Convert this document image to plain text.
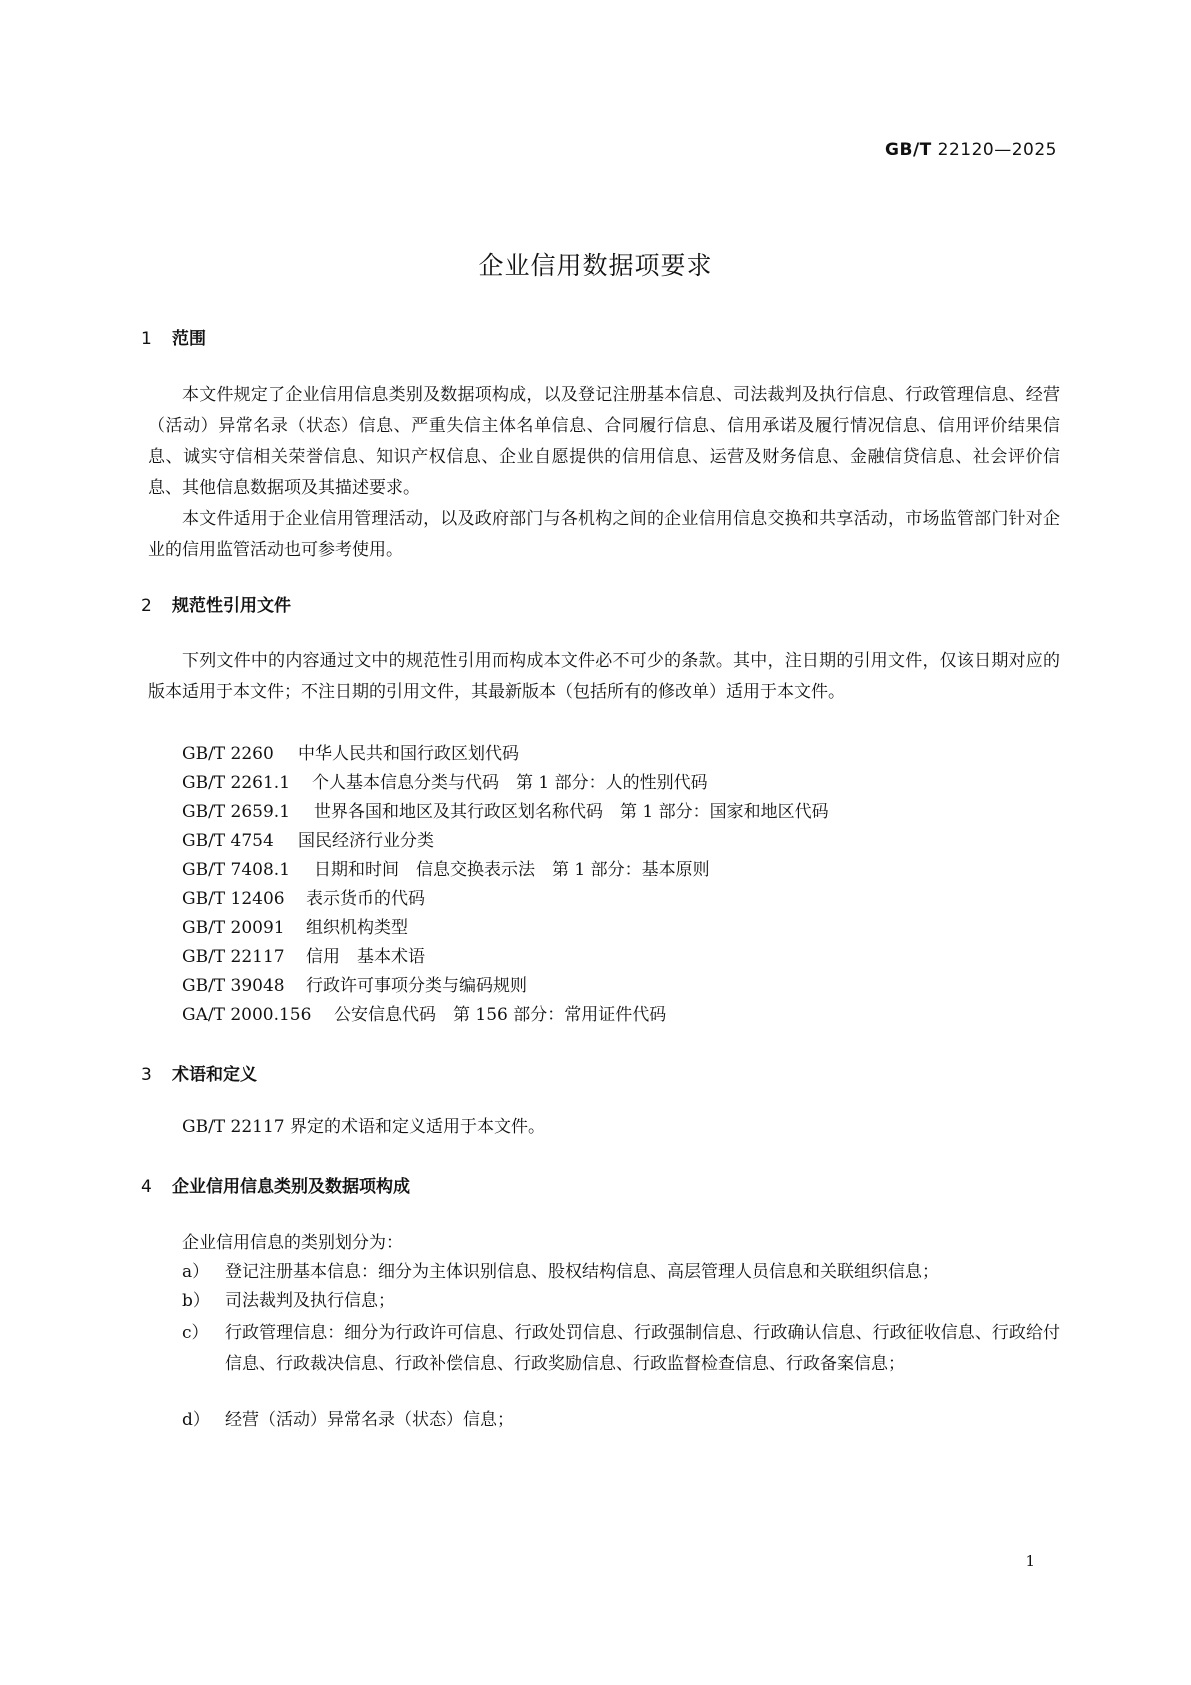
GB/T 22120—2025
企业信用数据项要求
1 范围
本文件规定了企业信用信息类别及数据项构成，以及登记注册基本信息、司法裁判及执行信息、行政管理信息、经营（活动）异常名录（状态）信息、严重失信主体名单信息、合同履行信息、信用承诺及履行情况信息、信用评价结果信息、诚实守信相关荣誉信息、知识产权信息、企业自愿提供的信用信息、运营及财务信息、金融信贷信息、社会评价信息、其他信息数据项及其描述要求。
本文件适用于企业信用管理活动，以及政府部门与各机构之间的企业信用信息交换和共享活动，市场监管部门针对企业的信用监管活动也可参考使用。
2 规范性引用文件
下列文件中的内容通过文中的规范性引用而构成本文件必不可少的条款。其中，注日期的引用文件，仅该日期对应的版本适用于本文件；不注日期的引用文件，其最新版本（包括所有的修改单）适用于本文件。
GB/T 2260 中华人民共和国行政区划代码
GB/T 2261.1 个人基本信息分类与代码　第 1 部分：人的性别代码
GB/T 2659.1 世界各国和地区及其行政区划名称代码　第 1 部分：国家和地区代码
GB/T 4754 国民经济行业分类
GB/T 7408.1 日期和时间　信息交换表示法　第 1 部分：基本原则
GB/T 12406 表示货币的代码
GB/T 20091 组织机构类型
GB/T 22117 信用　基本术语
GB/T 39048 行政许可事项分类与编码规则
GA/T 2000.156 公安信息代码　第 156 部分：常用证件代码
3 术语和定义
GB/T 22117 界定的术语和定义适用于本文件。
4 企业信用信息类别及数据项构成
企业信用信息的类别划分为：
a） 登记注册基本信息：细分为主体识别信息、股权结构信息、高层管理人员信息和关联组织信息；
b） 司法裁判及执行信息；
c） 行政管理信息：细分为行政许可信息、行政处罚信息、行政强制信息、行政确认信息、行政征收信息、行政给付信息、行政裁决信息、行政补偿信息、行政奖励信息、行政监督检查信息、行政备案信息；
d） 经营（活动）异常名录（状态）信息；
1
